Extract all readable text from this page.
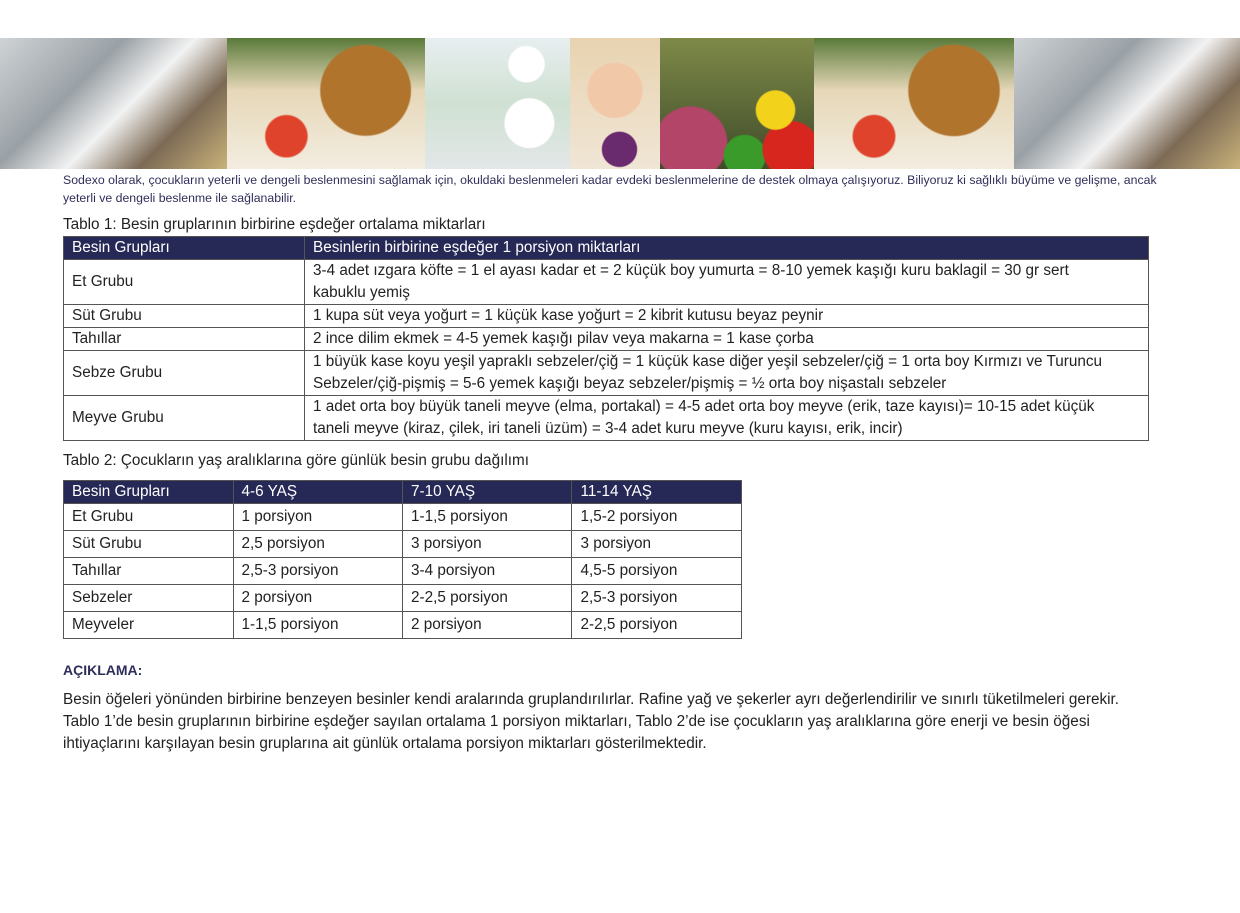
Sodexo olarak, çocukların yeterli ve dengeli beslenmesini sağlamak için, okuldaki beslenmeleri kadar evdeki beslenmelerine de destek olmaya çalışıyoruz. Biliyoruz ki sağlıklı büyüme ve gelişme, ancak yeterli ve dengeli beslenme ile sağlanabilir.
Tablo 1: Besin gruplarının birbirine eşdeğer ortalama miktarları
Besin Grupları	Besinlerin birbirine eşdeğer 1 porsiyon miktarları
Et Grubu	3-4 adet ızgara köfte = 1 el ayası kadar et = 2 küçük boy yumurta = 8-10 yemek kaşığı kuru baklagil = 30 gr sert
kabuklu yemiş
Süt Grubu	1 kupa süt veya yoğurt = 1 küçük kase yoğurt = 2 kibrit kutusu beyaz peynir
Tahıllar	2 ince dilim ekmek = 4-5 yemek kaşığı pilav veya makarna = 1 kase çorba
Sebze Grubu	1 büyük kase koyu yeşil yapraklı sebzeler/çiğ = 1 küçük kase diğer yeşil sebzeler/çiğ = 1 orta boy Kırmızı ve Turuncu
Sebzeler/çiğ-pişmiş = 5-6 yemek kaşığı beyaz sebzeler/pişmiş = ½ orta boy nişastalı sebzeler
Meyve Grubu	1 adet orta boy büyük taneli meyve (elma, portakal) = 4-5 adet orta boy meyve (erik, taze kayısı)= 10-15 adet küçük
taneli meyve (kiraz, çilek, iri taneli üzüm) = 3-4 adet kuru meyve (kuru kayısı, erik, incir)
Tablo 2: Çocukların yaş aralıklarına göre günlük besin grubu dağılımı
Besin Grupları	4-6 YAŞ	7-10 YAŞ	11-14 YAŞ
Et Grubu	1 porsiyon	1-1,5 porsiyon	1,5-2 porsiyon
Süt Grubu	2,5 porsiyon	3 porsiyon	3 porsiyon
Tahıllar	2,5-3 porsiyon	3-4 porsiyon	4,5-5 porsiyon
Sebzeler	2 porsiyon	2-2,5 porsiyon	2,5-3 porsiyon
Meyveler	1-1,5 porsiyon	2 porsiyon	2-2,5 porsiyon
AÇIKLAMA:
Besin öğeleri yönünden birbirine benzeyen besinler kendi aralarında gruplandırılırlar. Rafine yağ ve şekerler ayrı değerlendirilir ve sınırlı tüketilmeleri gerekir. Tablo 1’de besin gruplarının birbirine eşdeğer sayılan ortalama 1 porsiyon miktarları, Tablo 2’de ise çocukların yaş aralıklarına göre enerji ve besin öğesi ihtiyaçlarını karşılayan besin gruplarına ait günlük ortalama porsiyon miktarları gösterilmektedir.
